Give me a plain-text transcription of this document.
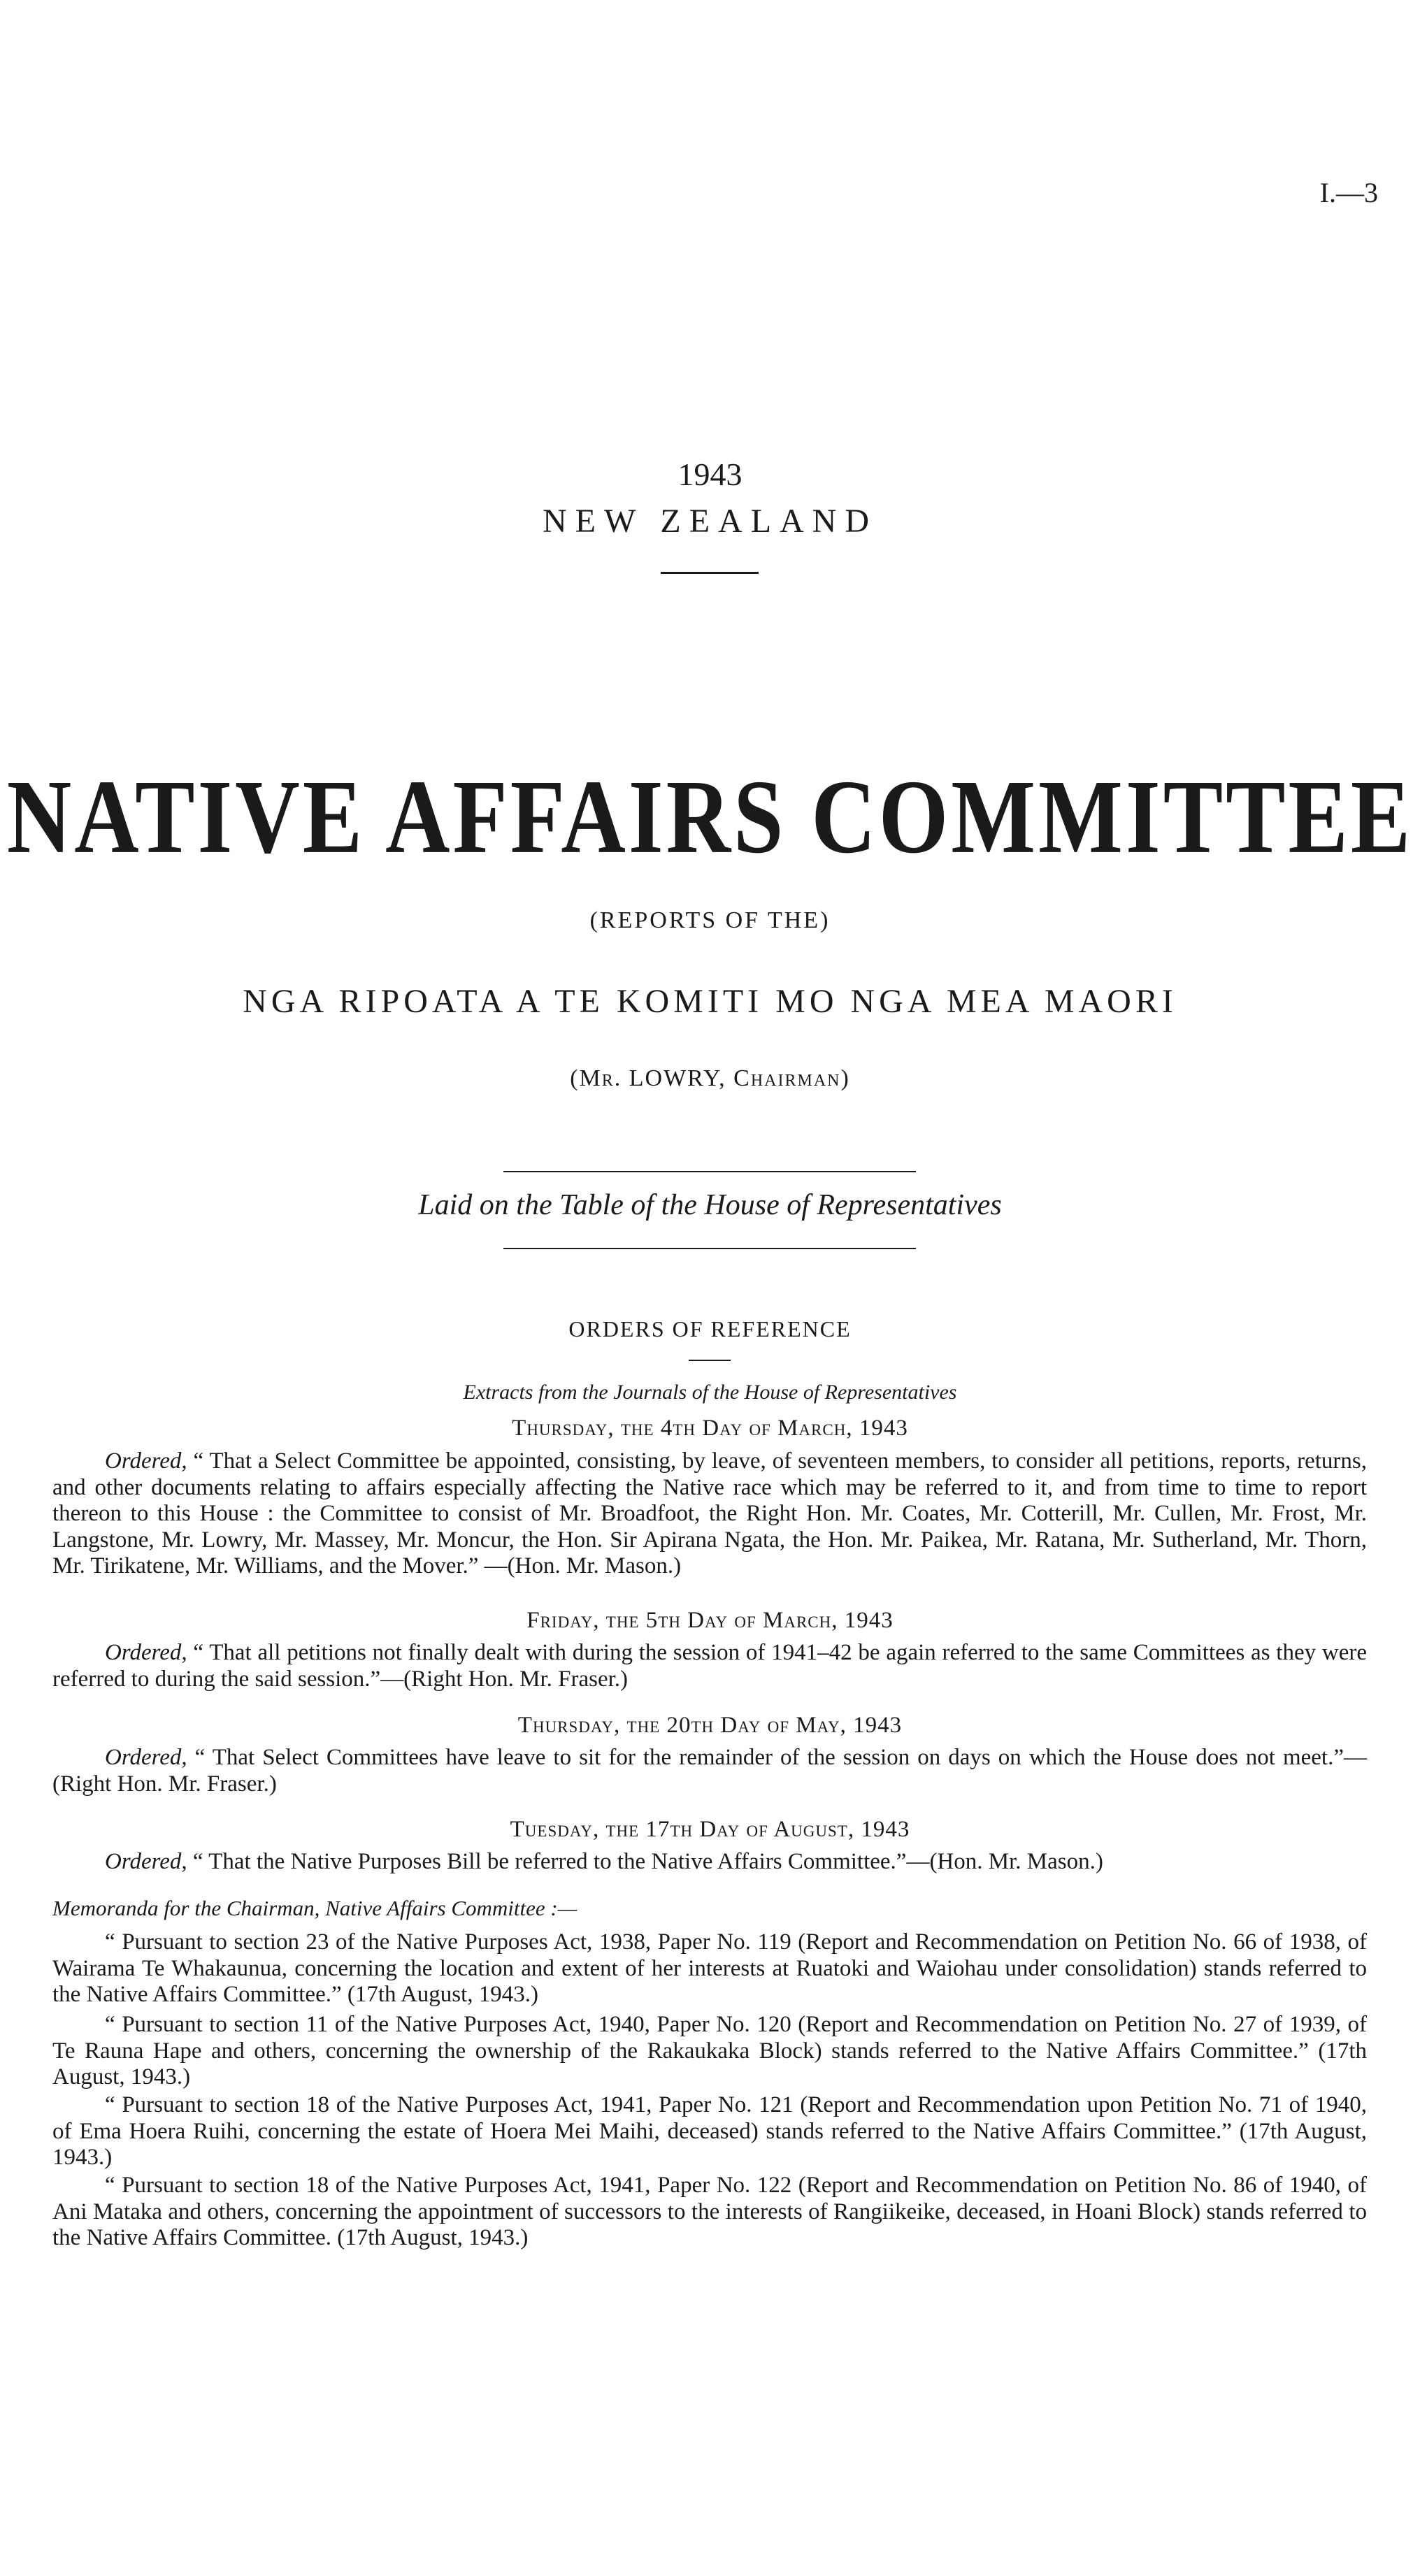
I.—3
1943
NEW ZEALAND
NATIVE AFFAIRS COMMITTEE
(REPORTS OF THE)
NGA RIPOATA A TE KOMITI MO NGA MEA MAORI
(Mr. LOWRY, Chairman)
Laid on the Table of the House of Representatives
ORDERS OF REFERENCE
Extracts from the Journals of the House of Representatives
Thursday, the 4th Day of March, 1943
Ordered, “ That a Select Committee be appointed, consisting, by leave, of seventeen members, to consider all petitions, reports, returns, and other documents relating to affairs especially affecting the Native race which may be referred to it, and from time to time to report thereon to this House : the Committee to consist of Mr. Broadfoot, the Right Hon. Mr. Coates, Mr. Cotterill, Mr. Cullen, Mr. Frost, Mr. Langstone, Mr. Lowry, Mr. Massey, Mr. Moncur, the Hon. Sir Apirana Ngata, the Hon. Mr. Paikea, Mr. Ratana, Mr. Sutherland, Mr. Thorn, Mr. Tirikatene, Mr. Williams, and the Mover.” —(Hon. Mr. Mason.)
Friday, the 5th Day of March, 1943
Ordered, “ That all petitions not finally dealt with during the session of 1941–42 be again referred to the same Committees as they were referred to during the said session.”—(Right Hon. Mr. Fraser.)
Thursday, the 20th Day of May, 1943
Ordered, “ That Select Committees have leave to sit for the remainder of the session on days on which the House does not meet.”—(Right Hon. Mr. Fraser.)
Tuesday, the 17th Day of August, 1943
Ordered, “ That the Native Purposes Bill be referred to the Native Affairs Committee.”—(Hon. Mr. Mason.)
Memoranda for the Chairman, Native Affairs Committee :—
“ Pursuant to section 23 of the Native Purposes Act, 1938, Paper No. 119 (Report and Recommendation on Petition No. 66 of 1938, of Wairama Te Whakaunua, concerning the location and extent of her interests at Ruatoki and Waiohau under consolidation) stands referred to the Native Affairs Committee.” (17th August, 1943.)
“ Pursuant to section 11 of the Native Purposes Act, 1940, Paper No. 120 (Report and Recommendation on Petition No. 27 of 1939, of Te Rauna Hape and others, concerning the ownership of the Rakaukaka Block) stands referred to the Native Affairs Committee.” (17th August, 1943.)
“ Pursuant to section 18 of the Native Purposes Act, 1941, Paper No. 121 (Report and Recommendation upon Petition No. 71 of 1940, of Ema Hoera Ruihi, concerning the estate of Hoera Mei Maihi, deceased) stands referred to the Native Affairs Committee.” (17th August, 1943.)
“ Pursuant to section 18 of the Native Purposes Act, 1941, Paper No. 122 (Report and Recommendation on Petition No. 86 of 1940, of Ani Mataka and others, concerning the appointment of successors to the interests of Rangiikeike, deceased, in Hoani Block) stands referred to the Native Affairs Committee. (17th August, 1943.)
